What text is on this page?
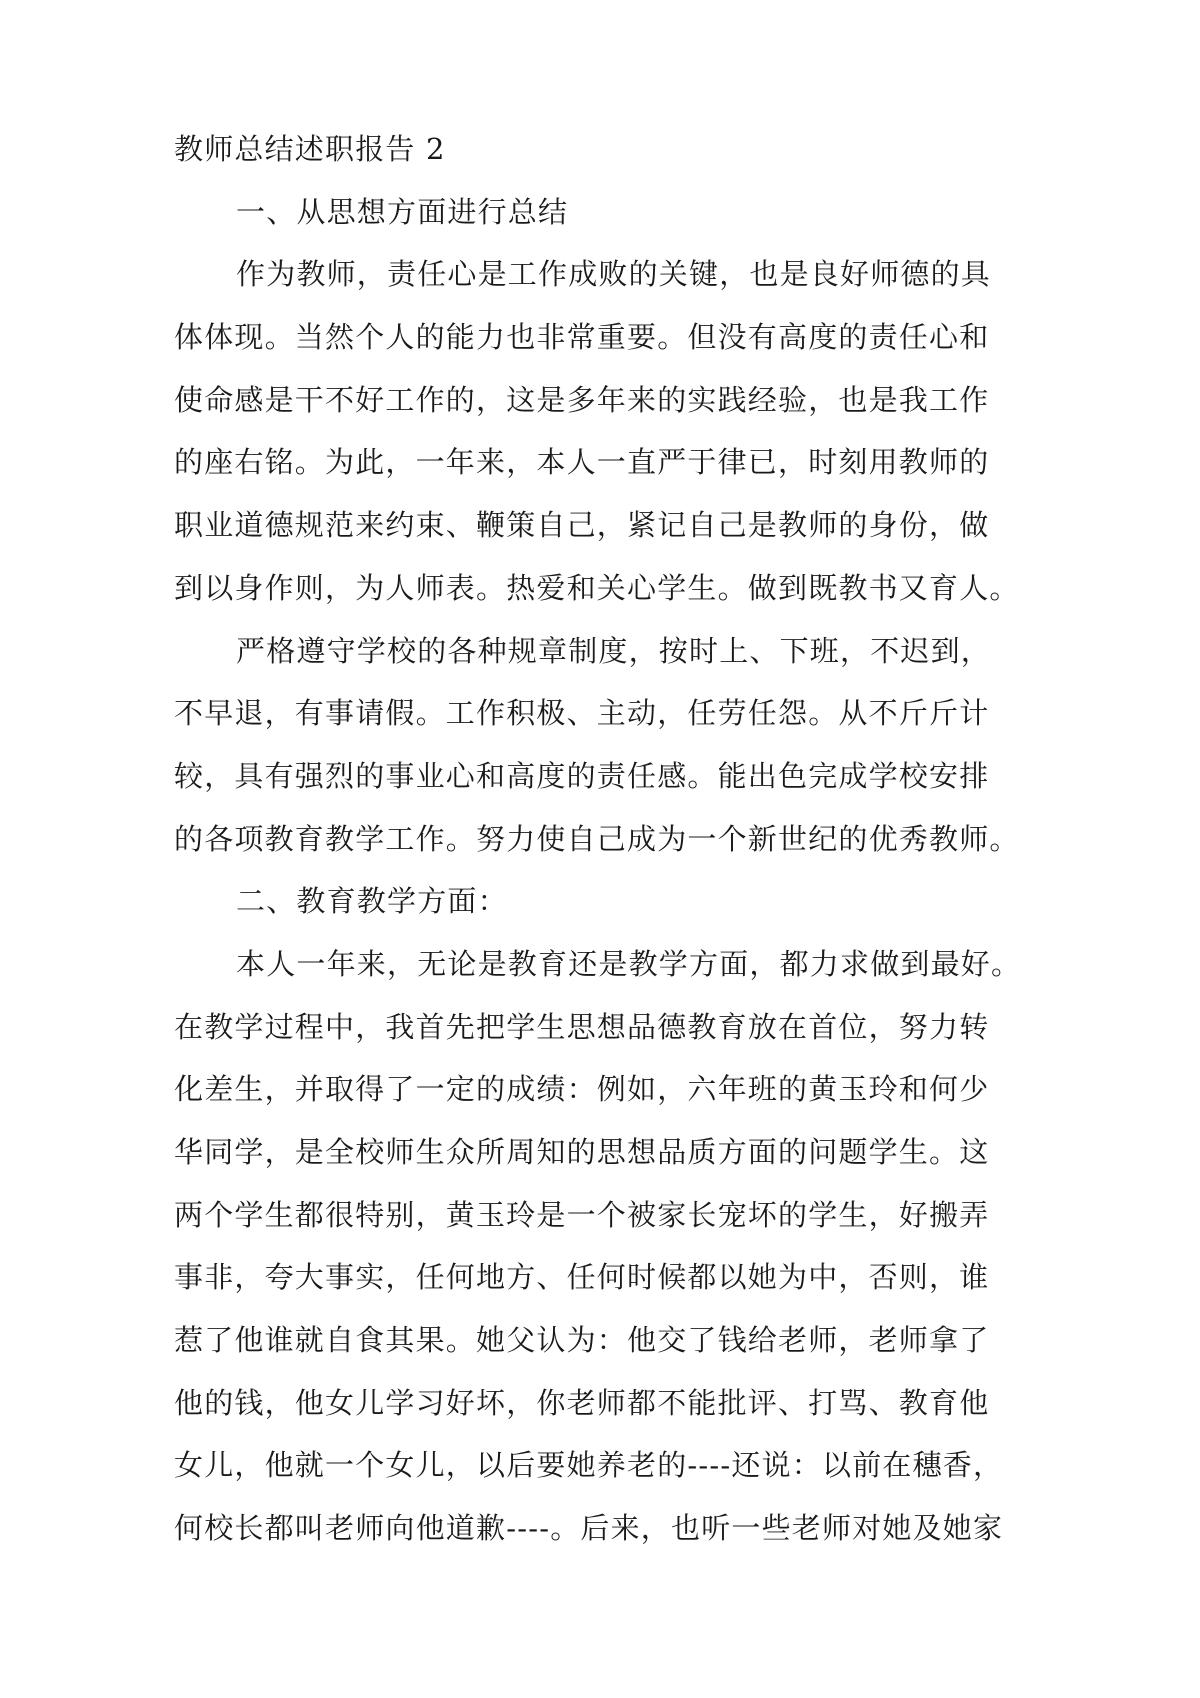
教师总结述职报告 2
一、从思想方面进行总结
作为教师，责任心是工作成败的关键，也是良好师德的具
体体现。当然个人的能力也非常重要。但没有高度的责任心和
使命感是干不好工作的，这是多年来的实践经验，也是我工作
的座右铭。为此，一年来，本人一直严于律已，时刻用教师的
职业道德规范来约束、鞭策自己，紧记自己是教师的身份，做
到以身作则，为人师表。热爱和关心学生。做到既教书又育人。
严格遵守学校的各种规章制度，按时上、下班，不迟到，
不早退，有事请假。工作积极、主动，任劳任怨。从不斤斤计
较，具有强烈的事业心和高度的责任感。能出色完成学校安排
的各项教育教学工作。努力使自己成为一个新世纪的优秀教师。
二、教育教学方面：
本人一年来，无论是教育还是教学方面，都力求做到最好。
在教学过程中，我首先把学生思想品德教育放在首位，努力转
化差生，并取得了一定的成绩：例如，六年班的黄玉玲和何少
华同学，是全校师生众所周知的思想品质方面的问题学生。这
两个学生都很特别，黄玉玲是一个被家长宠坏的学生，好搬弄
事非，夸大事实，任何地方、任何时候都以她为中，否则，谁
惹了他谁就自食其果。她父认为：他交了钱给老师，老师拿了
他的钱，他女儿学习好坏，你老师都不能批评、打骂、教育他
女儿，他就一个女儿，以后要她养老的----还说：以前在穗香，
何校长都叫老师向他道歉----。后来，也听一些老师对她及她家
